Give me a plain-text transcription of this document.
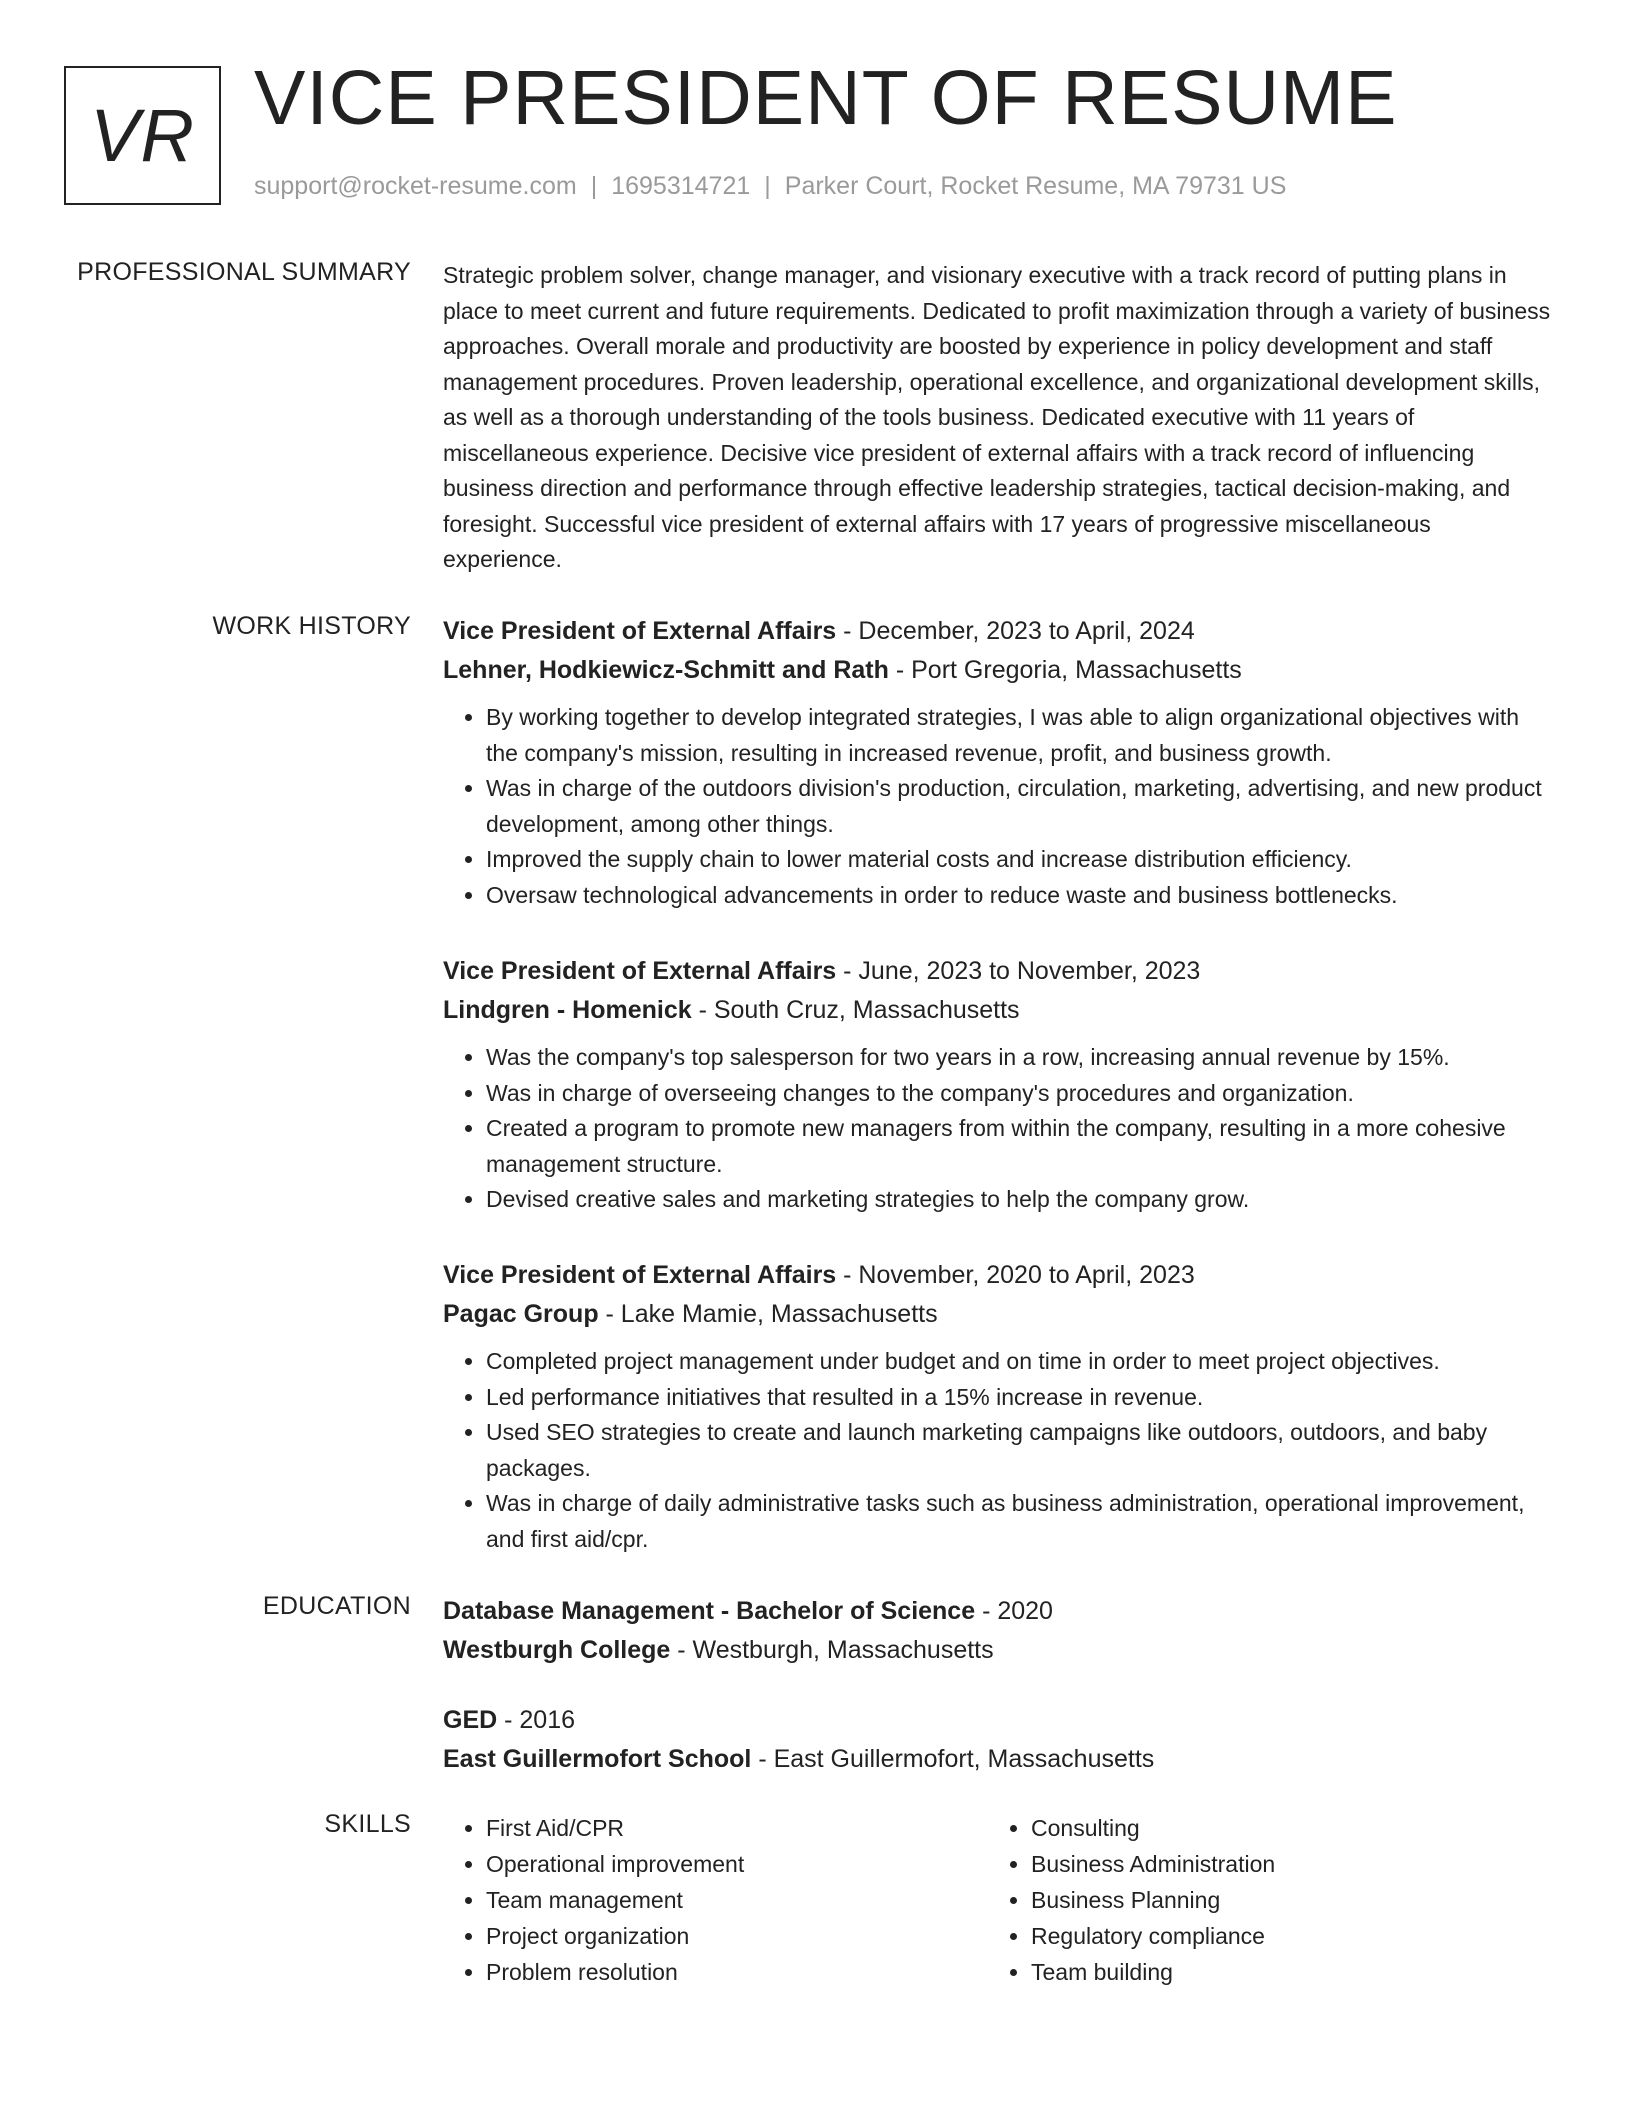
VR VICE PRESIDENT OF RESUME
support@rocket-resume.com | 1695314721 | Parker Court, Rocket Resume, MA 79731 US
PROFESSIONAL SUMMARY Strategic problem solver, change manager, and visionary executive with a track record of putting plans in place to meet current and future requirements. Dedicated to profit maximization through a variety of business approaches. Overall morale and productivity are boosted by experience in policy development and staff management procedures. Proven leadership, operational excellence, and organizational development skills, as well as a thorough understanding of the tools business. Dedicated executive with 11 years of miscellaneous experience. Decisive vice president of external affairs with a track record of influencing business direction and performance through effective leadership strategies, tactical decision-making, and foresight. Successful vice president of external affairs with 17 years of progressive miscellaneous experience.

WORK HISTORY Vice President of External Affairs - December, 2023 to April, 2024
Lehner, Hodkiewicz-Schmitt and Rath - Port Gregoria, Massachusetts
• By working together to develop integrated strategies, I was able to align organizational objectives with the company's mission, resulting in increased revenue, profit, and business growth.
• Was in charge of the outdoors division's production, circulation, marketing, advertising, and new product development, among other things.
• Improved the supply chain to lower material costs and increase distribution efficiency.
• Oversaw technological advancements in order to reduce waste and business bottlenecks.
Vice President of External Affairs - June, 2023 to November, 2023
Lindgren - Homenick - South Cruz, Massachusetts
• Was the company's top salesperson for two years in a row, increasing annual revenue by 15%.
• Was in charge of overseeing changes to the company's procedures and organization.
• Created a program to promote new managers from within the company, resulting in a more cohesive management structure.
• Devised creative sales and marketing strategies to help the company grow.
Vice President of External Affairs - November, 2020 to April, 2023
Pagac Group - Lake Mamie, Massachusetts
• Completed project management under budget and on time in order to meet project objectives.
• Led performance initiatives that resulted in a 15% increase in revenue.
• Used SEO strategies to create and launch marketing campaigns like outdoors, outdoors, and baby packages.
• Was in charge of daily administrative tasks such as business administration, operational improvement, and first aid/cpr.
EDUCATION Database Management - Bachelor of Science - 2020
Westburgh College - Westburgh, Massachusetts
GED - 2016
East Guillermofort School - East Guillermofort, Massachusetts
SKILLS
•	First Aid/CPR
• Operational improvement
• Team management
• Project organization
• Problem resolution
• Consulting
• Business Administration
• Business Planning
• Regulatory compliance
• Team building
